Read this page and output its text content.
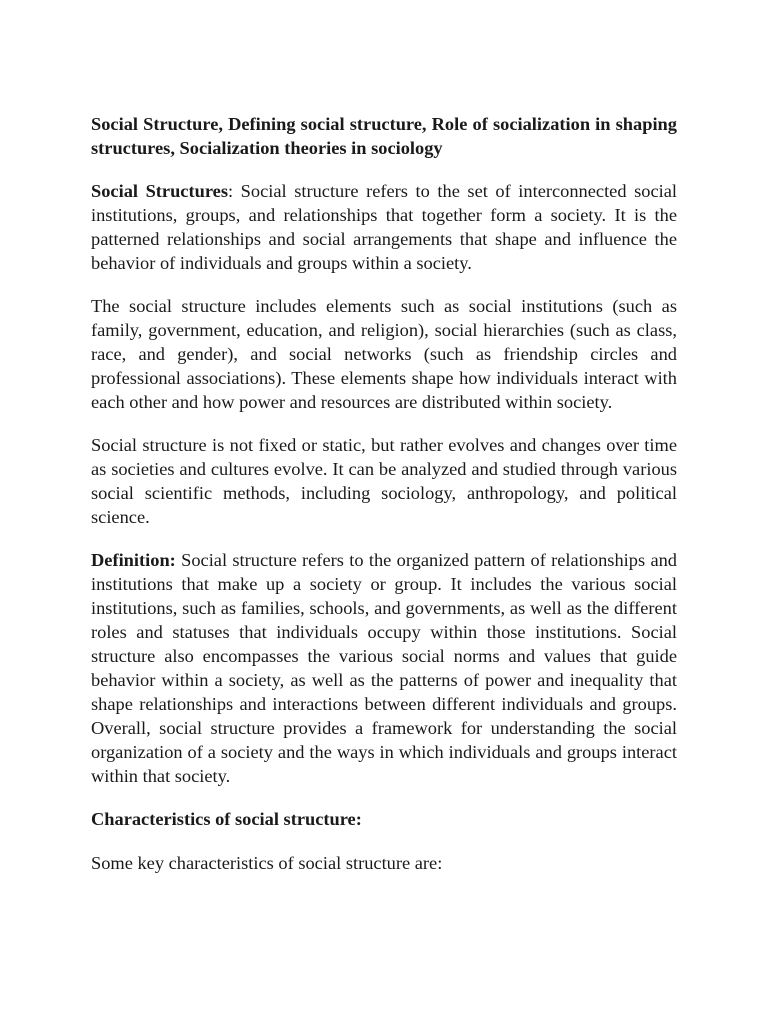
Social Structure, Defining social structure, Role of socialization in shaping structures, Socialization theories in sociology

Social Structures: Social structure refers to the set of interconnected social institutions, groups, and relationships that together form a society. It is the patterned relationships and social arrangements that shape and influence the behavior of individuals and groups within a society.

The social structure includes elements such as social institutions (such as family, government, education, and religion), social hierarchies (such as class, race, and gender), and social networks (such as friendship circles and professional associations). These elements shape how individuals interact with each other and how power and resources are distributed within society.

Social structure is not fixed or static, but rather evolves and changes over time as societies and cultures evolve. It can be analyzed and studied through various social scientific methods, including sociology, anthropology, and political science.

Definition: Social structure refers to the organized pattern of relationships and institutions that make up a society or group. It includes the various social institutions, such as families, schools, and governments, as well as the different roles and statuses that individuals occupy within those institutions. Social structure also encompasses the various social norms and values that guide behavior within a society, as well as the patterns of power and inequality that shape relationships and interactions between different individuals and groups. Overall, social structure provides a framework for understanding the social organization of a society and the ways in which individuals and groups interact within that society.

Characteristics of social structure:

Some key characteristics of social structure are:
